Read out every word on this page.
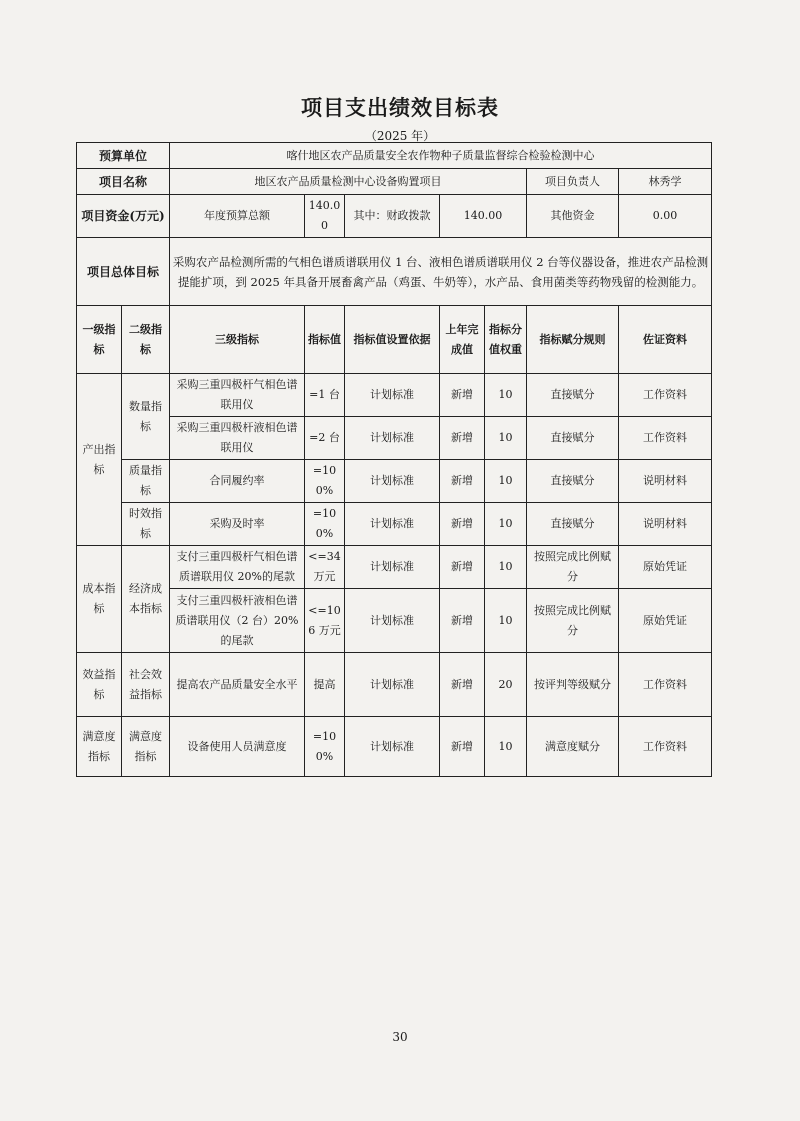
项目支出绩效目标表
（2025 年）
预算单位		喀什地区农产品质量安全农作物种子质量监督综合检验检测中心						
项目名称		地区农产品质量检测中心设备购置项目					项目负责人	林秀学
项目资金(万元)		年度预算总额	140.00	其中：财政拨款	140.00		其他资金	0.00
项目总体目标		采购农产品检测所需的气相色谱质谱联用仪 1 台、液相色谱质谱联用仪 2 台等仪器设备，推进农产品检测提能扩项，到 2025 年具备开展畜禽产品（鸡蛋、牛奶等），水产品、食用菌类等药物残留的检测能力。						
一级指标	二级指标	三级指标	指标值	指标值设置依据	上年完成值	指标分值权重	指标赋分规则	佐证资料
产出指标	数量指标	采购三重四极杆气相色谱联用仪	=1 台	计划标准	新增	10	直接赋分	工作资料
		采购三重四极杆液相色谱联用仪	=2 台	计划标准	新增	10	直接赋分	工作资料
	质量指标	合同履约率	=100%	计划标准	新增	10	直接赋分	说明材料
	时效指标	采购及时率	=100%	计划标准	新增	10	直接赋分	说明材料
成本指标	经济成本指标	支付三重四极杆气相色谱质谱联用仪 20%的尾款	<=34 万元	计划标准	新增	10	按照完成比例赋分	原始凭证
		支付三重四极杆液相色谱质谱联用仪（2 台）20%的尾款	<=106 万元	计划标准	新增	10	按照完成比例赋分	原始凭证
效益指标	社会效益指标	提高农产品质量安全水平	提高	计划标准	新增	20	按评判等级赋分	工作资料
满意度指标	满意度指标	设备使用人员满意度	=100%	计划标准	新增	10	满意度赋分	工作资料
30
